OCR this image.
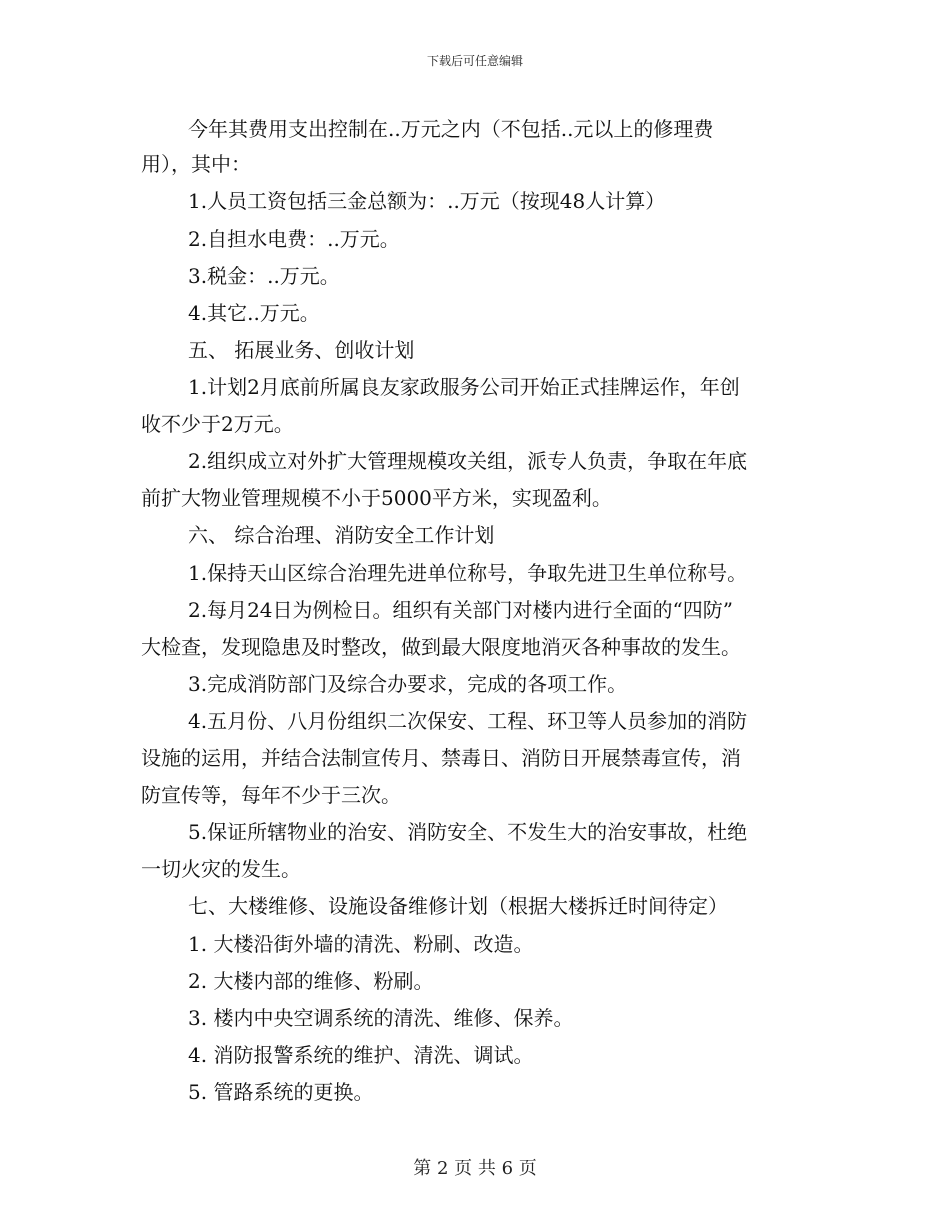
下载后可任意编辑
今年其费用支出控制在..万元之内（不包括..元以上的修理费
用），其中：
1.人员工资包括三金总额为：..万元（按现48人计算）
2.自担水电费：..万元。
3.税金：..万元。
4.其它..万元。
五、 拓展业务、创收计划
1.计划2月底前所属良友家政服务公司开始正式挂牌运作，年创
收不少于2万元。
2.组织成立对外扩大管理规模攻关组，派专人负责，争取在年底
前扩大物业管理规模不小于5000平方米，实现盈利。
六、 综合治理、消防安全工作计划
1.保持天山区综合治理先进单位称号，争取先进卫生单位称号。
2.每月24日为例检日。组织有关部门对楼内进行全面的“四防”
大检查，发现隐患及时整改，做到最大限度地消灭各种事故的发生。
3.完成消防部门及综合办要求，完成的各项工作。
4.五月份、八月份组织二次保安、工程、环卫等人员参加的消防
设施的运用，并结合法制宣传月、禁毒日、消防日开展禁毒宣传，消
防宣传等，每年不少于三次。
5.保证所辖物业的治安、消防安全、不发生大的治安事故，杜绝
一切火灾的发生。
七、大楼维修、设施设备维修计划（根据大楼拆迁时间待定）
1. 大楼沿街外墙的清洗、粉刷、改造。
2. 大楼内部的维修、粉刷。
3. 楼内中央空调系统的清洗、维修、保养。
4. 消防报警系统的维护、清洗、调试。
5. 管路系统的更换。
第 2 页 共 6 页
